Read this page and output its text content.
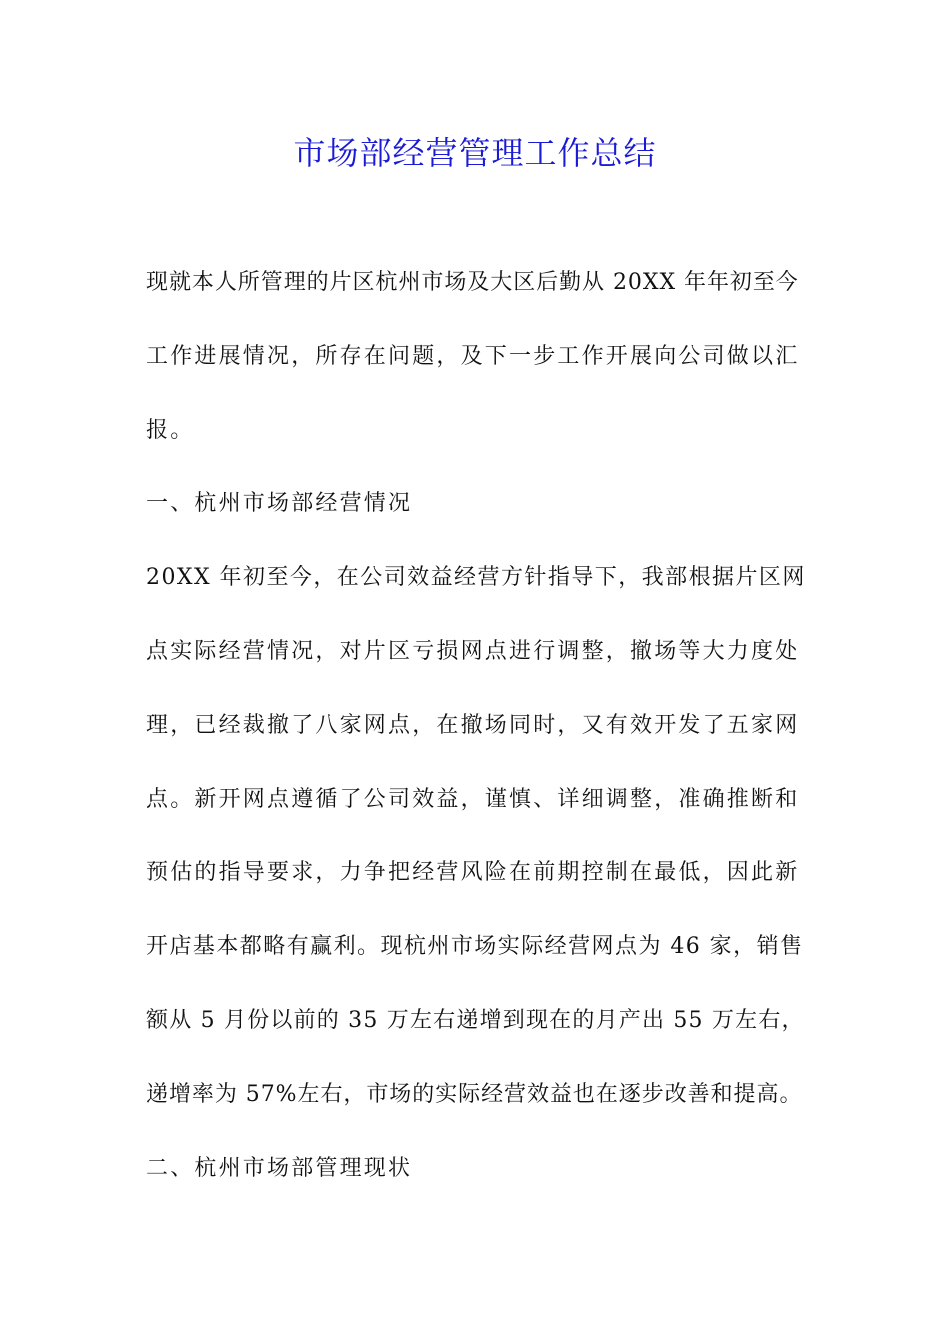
市场部经营管理工作总结
现就本人所管理的片区杭州市场及大区后勤从 20XX 年年初至今
工作进展情况，所存在问题，及下一步工作开展向公司做以汇
报。
一、杭州市场部经营情况
20XX 年初至今，在公司效益经营方针指导下，我部根据片区网
点实际经营情况，对片区亏损网点进行调整，撤场等大力度处
理，已经裁撤了八家网点，在撤场同时，又有效开发了五家网
点。新开网点遵循了公司效益，谨慎、详细调整，准确推断和
预估的指导要求，力争把经营风险在前期控制在最低，因此新
开店基本都略有赢利。现杭州市场实际经营网点为 46 家，销售
额从 5 月份以前的 35 万左右递增到现在的月产出 55 万左右，
递增率为 57%左右，市场的实际经营效益也在逐步改善和提高。
二、杭州市场部管理现状
